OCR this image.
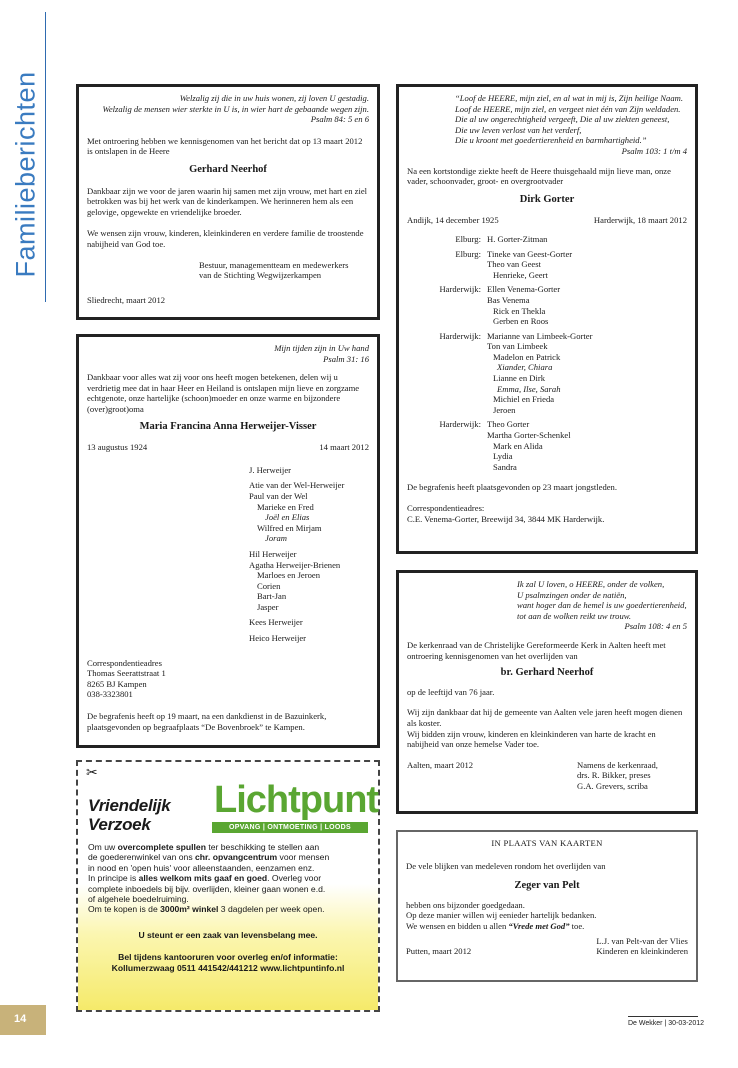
Familieberichten	Welzalig zij die in uw huis wonen, zij loven U gestadig.

Welzalig de mensen wier sterkte in U is, in wier hart de gebaande wegen zijn.

Psalm 84: 5 en 6

Met ontroering hebben we kennisgenomen van het bericht dat op 13 maart 2012 is ontslapen in de Heere

Gerhard Neerhof

Dankbaar zijn we voor de jaren waarin hij samen met zijn vrouw, met hart en ziel betrokken was bij het werk van de kinderkampen. We herinneren hem als een gelovige, opgewekte en vriendelijke broeder.

We wensen zijn vrouw, kinderen, kleinkinderen en verdere familie de troostende nabijheid van God toe.

Bestuur, managementteam en medewerkers

van de Stichting Wegwijzerkampen

Sliedrecht, maart 2012

Mijn tijden zijn in Uw hand

Psalm 31: 16

Dankbaar voor alles wat zij voor ons heeft mogen betekenen, delen wij u verdrietig mee dat in haar Heer en Heiland is ontslapen mijn lieve en zorgzame echtgenote, onze hartelijke (schoon)moeder en onze warme en bijzondere (over)groot)oma

Maria Francina Anna Herweijer-Visser

13 augustus 1924	14 maart 2012

J. Herweijer

Atie van der Wel-Herweijer

Paul van der Wel

Marieke en Fred

Joël en Elias

Wilfred en Mirjam

Joram

Hil Herweijer

Agatha Herweijer-Brienen

Marloes en Jeroen

Corien

Bart-Jan

Jasper

Kees Herweijer

Heico Herweijer

Correspondentieadres

Thomas Seerattstraat 1

8265 BJ Kampen

038-3323801

De begrafenis heeft op 19 maart, na een dankdienst in de Bazuinkerk, plaatsgevonden op begraafplaats “De Bovenbroek” te Kampen.

“Loof de HEERE, mijn ziel, en al wat in mij is, Zijn heilige Naam.

Loof de HEERE, mijn ziel, en vergeet niet één van Zijn weldaden.

Die al uw ongerechtigheid vergeeft, Die al uw ziekten geneest,

Die uw leven verlost van het verderf,

Die u kroont met goedertierenheid en barmhartigheid.”

Psalm 103: 1 t/m 4

Na een kortstondige ziekte heeft de Heere thuisgehaald mijn lieve man, onze vader, schoonvader, groot- en overgrootvader

Dirk Gorter

Andijk, 14 december 1925	Harderwijk, 18 maart 2012
Elburg: H. Gorter-Zitman

Elburg: Tineke van Geest-Gorter

Theo van Geest

Henrieke, Geert

Harderwijk: Ellen Venema-Gorter

Bas Venema

Rick en Thekla

Gerben en Roos

Harderwijk: Marianne van Limbeek-Gorter

Ton van Limbeek

Madelon en Patrick

Xiander, Chiara

Lianne en Dirk

Emma, Ilse, Sarah

Michiel en Frieda

Jeroen

Harderwijk: Theo Gorter

Martha Gorter-Schenkel

Mark en Alida

Lydia

Sandra

De begrafenis heeft plaatsgevonden op 23 maart jongstleden.

Correspondentieadres:

C.E. Venema-Gorter, Breewijd 34, 3844 MK Harderwijk.

Ik zal U loven, o HEERE, onder de volken,

U psalmzingen onder de natiën,

want hoger dan de hemel is uw goedertierenheid,

tot aan de wolken reikt uw trouw.

Psalm 108: 4 en 5

De kerkenraad van de Christelijke Gereformeerde Kerk in Aalten heeft met ontroering kennisgenomen van het overlijden van

br. Gerhard Neerhof

op de leeftijd van 76 jaar.

Wij zijn dankbaar dat hij de gemeente van Aalten vele jaren heeft mogen dienen als koster.

Wij bidden zijn vrouw, kinderen en kleinkinderen van harte de kracht en nabijheid van onze hemelse Vader toe.

Aalten, maart 2012	Namens de kerkenraad,

drs. R. Bikker, preses

G.A. Grevers, scriba

IN PLAATS VAN KAARTEN

De vele blijken van medeleven rondom het overlijden van

Zeger van Pelt

hebben ons bijzonder goedgedaan.

Op deze manier willen wij eenieder hartelijk bedanken.

We wensen en bidden u allen “Vrede met God” toe.

Putten, maart 2012

L.J. van Pelt-van der Vlies

Kinderen en kleinkinderen

✂
Vriendelijk
Verzoek
Lichtpunt
OPVANG | ONTMOETING | LOODS

Om uw overcomplete spullen ter beschikking te stellen aan

de goederenwinkel van ons chr. opvangcentrum voor mensen

in nood en 'open huis' voor alleenstaanden, eenzamen enz.

In principe is alles welkom mits gaaf en goed. Overleg voor

complete inboedels bij bijv. overlijden, kleiner gaan wonen e.d.

of algehele boedelruiming.

Om te kopen is de 3000m² winkel 3 dagdelen per week open.

U steunt er een zaak van levensbelang mee.
Bel tijdens kantooruren voor overleg en/of informatie:
Kollumerzwaag 0511 441542/441212 www.lichtpuntinfo.nl
14	De Wekker | 30-03-2012
